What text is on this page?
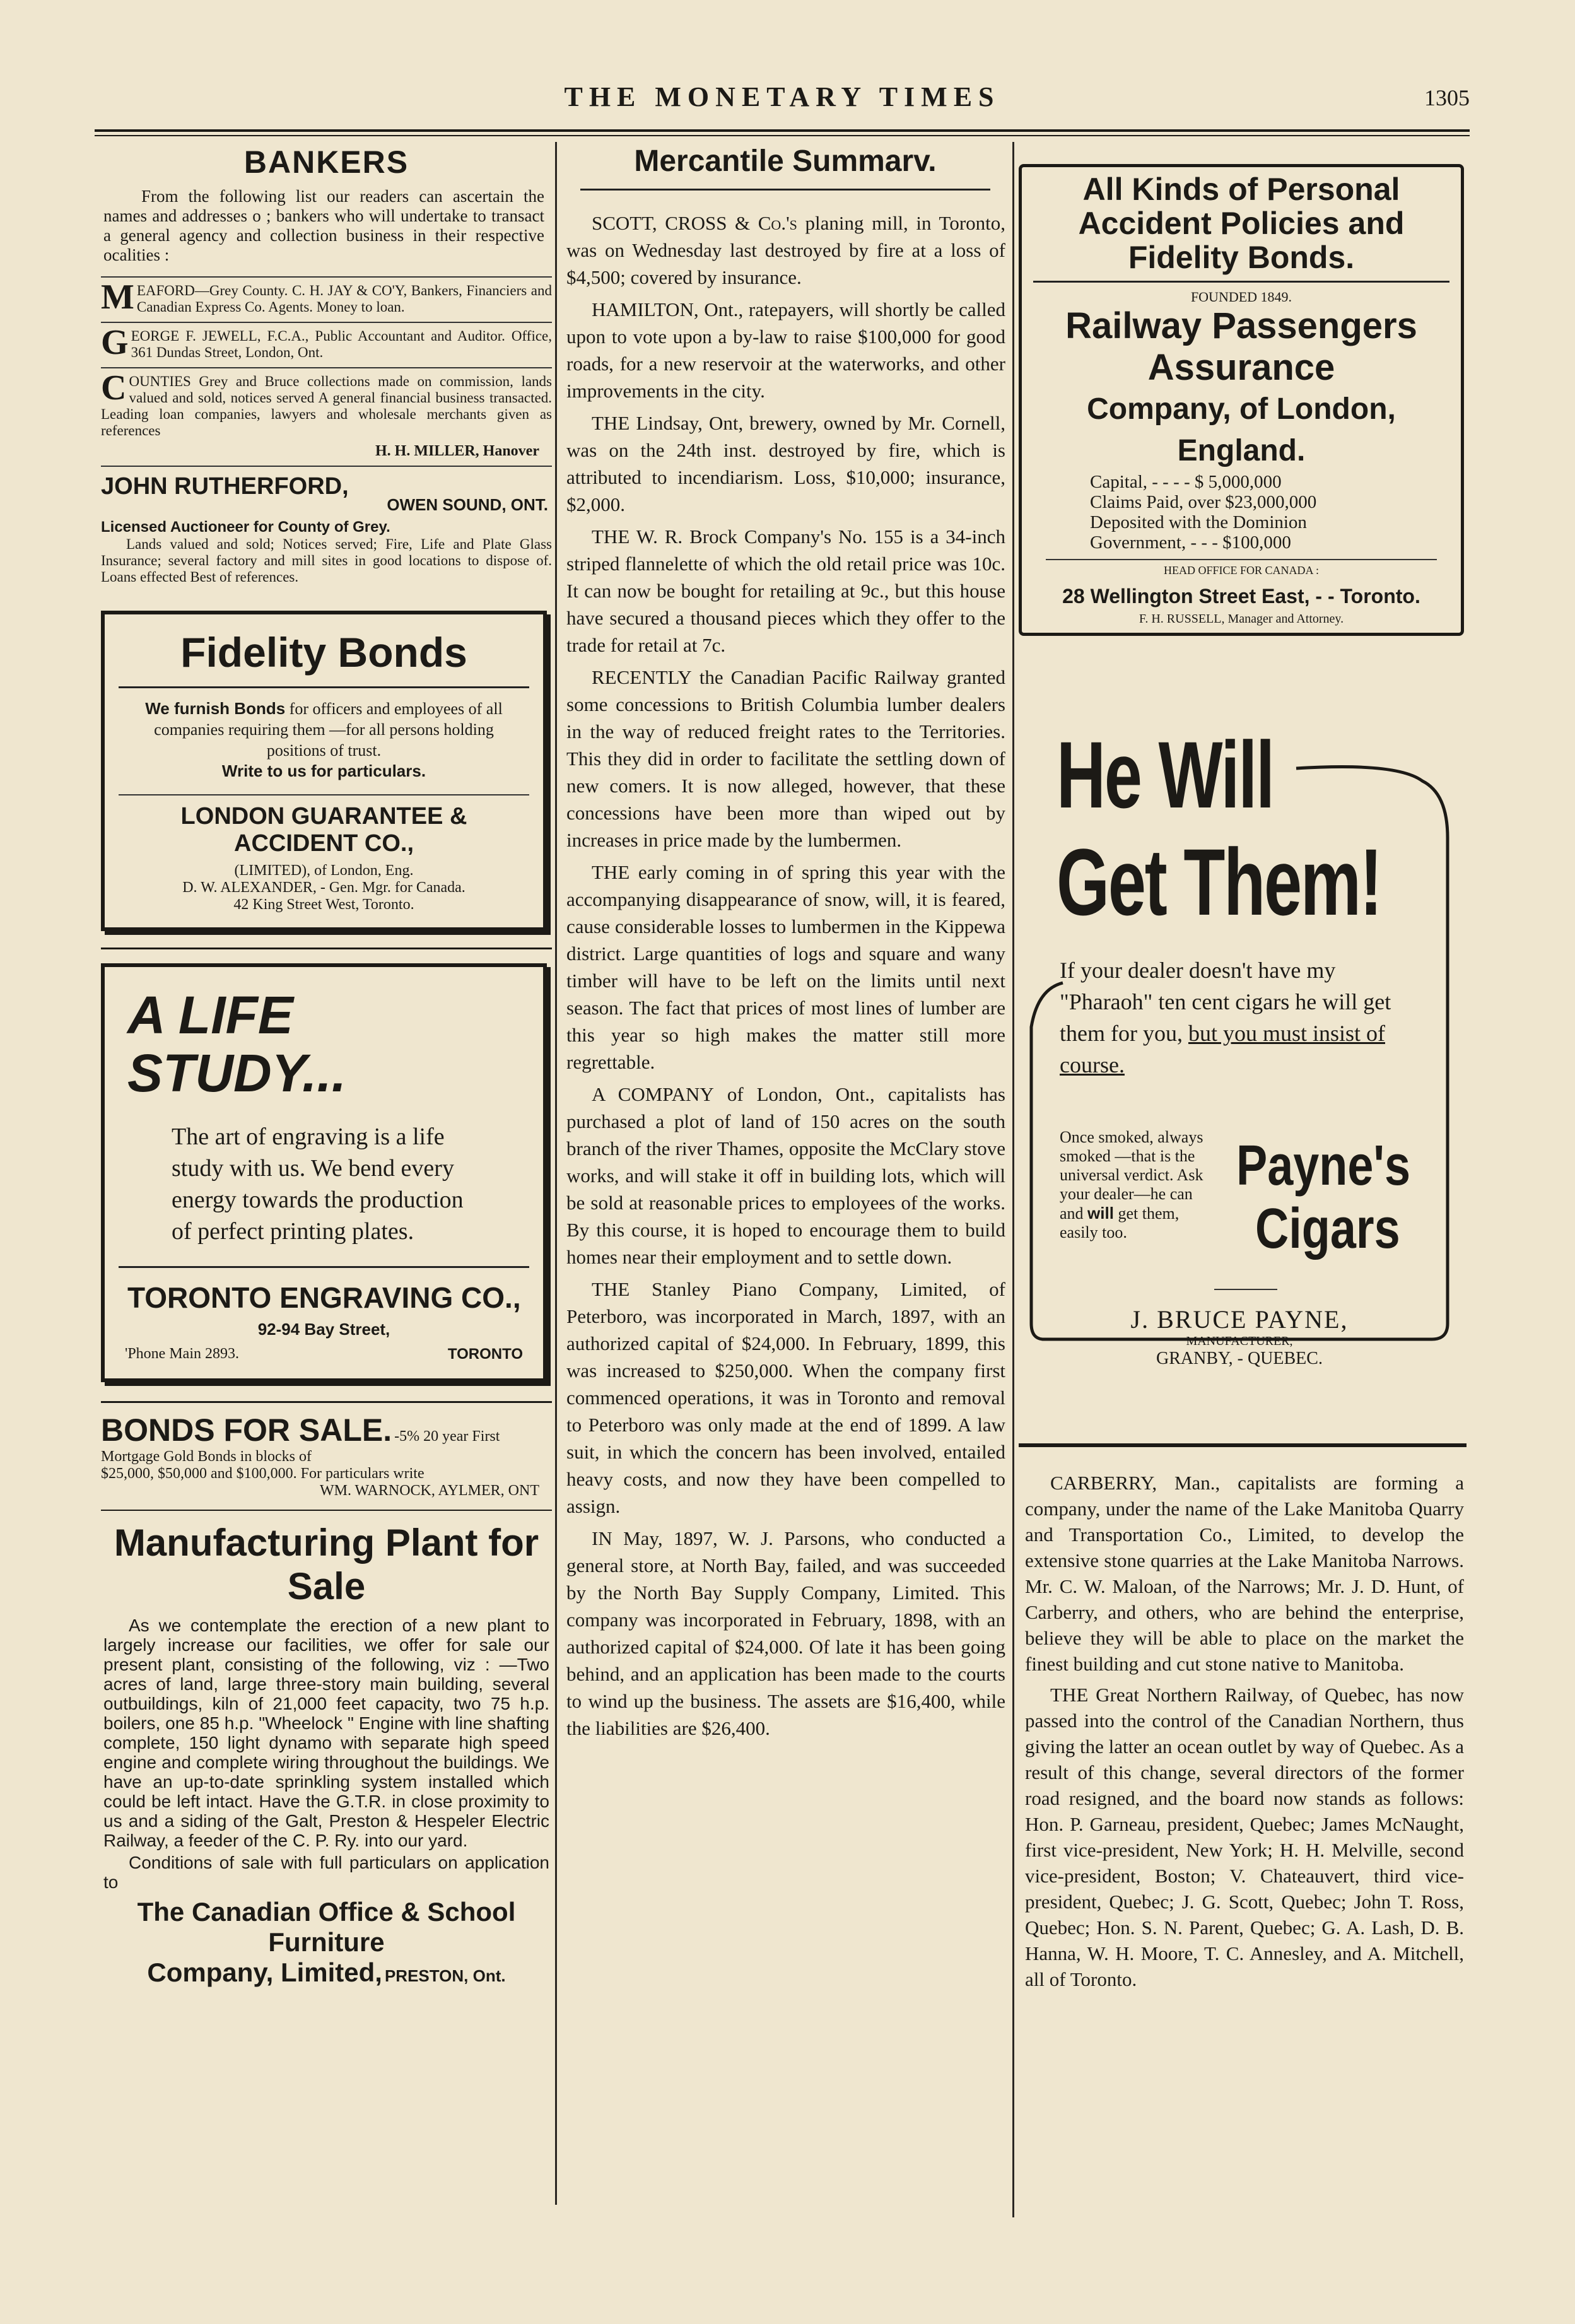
THE MONETARY TIMES	1305
BANKERS
From the following list our readers can ascertain the names and addresses o ; bankers who will undertake to transact a general agency and collection business in their respective ocalities :
M EAFORD—Grey County. C. H. JAY & CO'Y, Bankers, Financiers and Canadian Express Co. Agents. Money to loan.
G EORGE F. JEWELL, F.C.A., Public Accountant and Auditor. Office, 361 Dundas Street, London, Ont.
C OUNTIES Grey and Bruce collections made on commission, lands valued and sold, notices served A general financial business transacted. Leading loan companies, lawyers and wholesale merchants given as references
H. H. MILLER, Hanover
JOHN RUTHERFORD,
OWEN SOUND, ONT.
Licensed Auctioneer for County of Grey.
Lands valued and sold; Notices served; Fire, Life and Plate Glass Insurance; several factory and mill sites in good locations to dispose of. Loans effected Best of references.
Fidelity Bonds
We furnish Bonds for officers and employees of all companies requiring them —for all persons holding positions of trust.
Write to us for particulars.
LONDON GUARANTEE & ACCIDENT CO.,
(LIMITED), of London, Eng.
D. W. ALEXANDER, - Gen. Mgr. for Canada.
42 King Street West, Toronto.
A LIFE
STUDY...
The art of engraving is a life study with us. We bend every energy towards the production of perfect printing plates.
TORONTO ENGRAVING CO.,
92-94 Bay Street,
'Phone Main 2893.	TORONTO
BONDS FOR SALE. -5% 20 year First Mortgage Gold Bonds in blocks of
$25,000, $50,000 and $100,000. For particulars write
WM. WARNOCK, AYLMER, ONT
Manufacturing Plant for Sale
As we contemplate the erection of a new plant to largely increase our facilities, we offer for sale our present plant, consisting of the following, viz : —Two acres of land, large three-story main building, several outbuildings, kiln of 21,000 feet capacity, two 75 h.p. boilers, one 85 h.p. "Wheelock " Engine with line shafting complete, 150 light dynamo with separate high speed engine and complete wiring throughout the buildings. We have an up-to-date sprinkling system installed which could be left intact. Have the G.T.R. in close proximity to us and a siding of the Galt, Preston & Hespeler Electric Railway, a feeder of the C. P. Ry. into our yard.
Conditions of sale with full particulars on application to
The Canadian Office & School Furniture
Company, Limited, PRESTON, Ont.
Mercantile Summarv.

SCOTT, CROSS & Co.'s planing mill, in Toronto, was on Wednesday last destroyed by fire at a loss of $4,500; covered by insurance.

HAMILTON, Ont., ratepayers, will shortly be called upon to vote upon a by-law to raise $100,000 for good roads, for a new reservoir at the waterworks, and other improvements in the city.

THE Lindsay, Ont, brewery, owned by Mr. Cornell, was on the 24th inst. destroyed by fire, which is attributed to incendiarism. Loss, $10,000; insurance, $2,000.

THE W. R. Brock Company's No. 155 is a 34-inch striped flannelette of which the old retail price was 10c. It can now be bought for retailing at 9c., but this house have secured a thousand pieces which they offer to the trade for retail at 7c.

RECENTLY the Canadian Pacific Railway granted some concessions to British Columbia lumber dealers in the way of reduced freight rates to the Territories. This they did in order to facilitate the settling down of new comers. It is now alleged, however, that these concessions have been more than wiped out by increases in price made by the lumbermen.

THE early coming in of spring this year with the accompanying disappearance of snow, will, it is feared, cause considerable losses to lumbermen in the Kippewa district. Large quantities of logs and square and wany timber will have to be left on the limits until next season. The fact that prices of most lines of lumber are this year so high makes the matter still more regrettable.

A COMPANY of London, Ont., capitalists has purchased a plot of land of 150 acres on the south branch of the river Thames, opposite the McClary stove works, and will stake it off in building lots, which will be sold at reasonable prices to employees of the works. By this course, it is hoped to encourage them to build homes near their employment and to settle down.

THE Stanley Piano Company, Limited, of Peterboro, was incorporated in March, 1897, with an authorized capital of $24,000. In February, 1899, this was increased to $250,000. When the company first commenced operations, it was in Toronto and removal to Peterboro was only made at the end of 1899. A law suit, in which the concern has been involved, entailed heavy costs, and now they have been compelled to assign.

IN May, 1897, W. J. Parsons, who conducted a general store, at North Bay, failed, and was succeeded by the North Bay Supply Company, Limited. This company was incorporated in February, 1898, with an authorized capital of $24,000. Of late it has been going behind, and an application has been made to the courts to wind up the business. The assets are $16,400, while the liabilities are $26,400.

All Kinds of Personal Accident Policies and Fidelity Bonds.
FOUNDED 1849.
Railway Passengers Assurance
Company, of London, England.
Capital, - - - - $ 5,000,000
Claims Paid, over $23,000,000
Deposited with the Dominion
Government, - - - $100,000
HEAD OFFICE FOR CANADA :
28 Wellington Street East, - - Toronto.
F. H. RUSSELL, Manager and Attorney.
He Will
Get Them!
If your dealer doesn't have my "Pharaoh" ten cent cigars he will get them for you, but you must insist of course.
Once smoked, always smoked —that is the universal verdict. Ask your dealer—he can and will get them, easily too.
Payne's
Cigars
J. BRUCE PAYNE,
MANUFACTURER,
GRANBY, - QUEBEC.

CARBERRY, Man., capitalists are forming a company, under the name of the Lake Manitoba Quarry and Transportation Co., Limited, to develop the extensive stone quarries at the Lake Manitoba Narrows. Mr. C. W. Maloan, of the Narrows; Mr. J. D. Hunt, of Carberry, and others, who are behind the enterprise, believe they will be able to place on the market the finest building and cut stone native to Manitoba.

THE Great Northern Railway, of Quebec, has now passed into the control of the Canadian Northern, thus giving the latter an ocean outlet by way of Quebec. As a result of this change, several directors of the former road resigned, and the board now stands as follows: Hon. P. Garneau, president, Quebec; James McNaught, first vice-president, New York; H. H. Melville, second vice-president, Boston; V. Chateauvert, third vice-president, Quebec; J. G. Scott, Quebec; John T. Ross, Quebec; Hon. S. N. Parent, Quebec; G. A. Lash, D. B. Hanna, W. H. Moore, T. C. Annesley, and A. Mitchell, all of Toronto.
